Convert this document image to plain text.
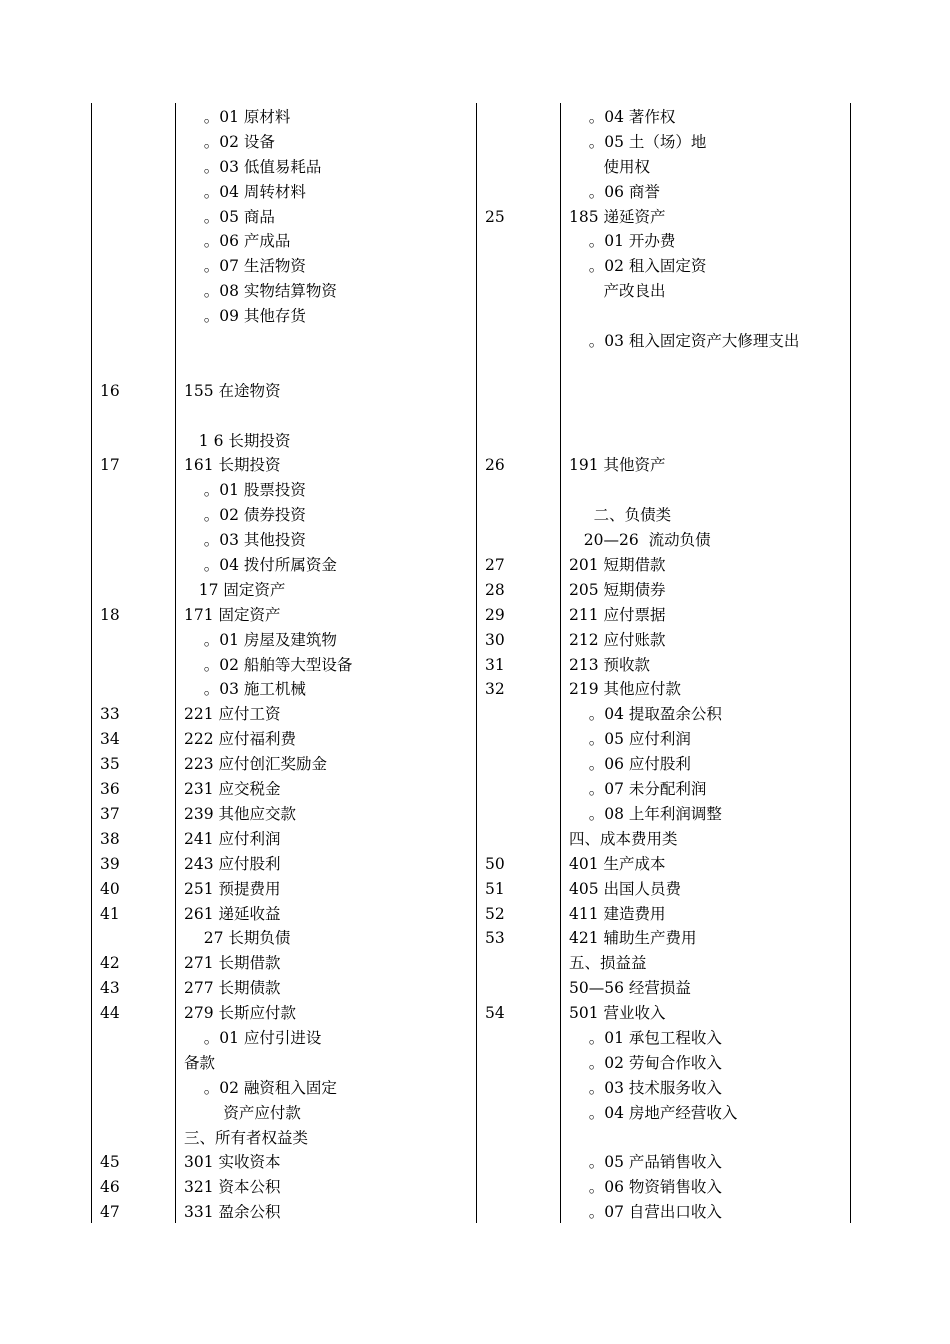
16
17
18
33
34
35
36
37
38
39
40
41
42
43
44
45
46
47
。01 原材料
。02 设备
。03 低值易耗品
。04 周转材料
。05 商品
。06 产成品
。07 生活物资
。08 实物结算物资
。09 其他存货
155 在途物资
1 6 长期投资
161 长期投资
。01 股票投资
。02 债券投资
。03 其他投资
。04 拨付所属资金
17 固定资产
171 固定资产
。01 房屋及建筑物
。02 船舶等大型设备
。03 施工机械
221 应付工资
222 应付福利费
223 应付创汇奖励金
231 应交税金
239 其他应交款
241 应付利润
243 应付股利
251 预提费用
261 递延收益
27 长期负债
271 长期借款
277 长期债款
279 长斯应付款
。01 应付引进设
备款
。02 融资租入固定
资产应付款
三、所有者权益类
301 实收资本
321 资本公积
331 盈余公积
25
26
27
28
29
30
31
32
50
51
52
53
54
。04 著作权
。05 土（场）地
使用权
。06 商誉
185 递延资产
。01 开办费
。02 租入固定资
产改良出
。03 租入固定资产大修理支出
191 其他资产
二、负债类
20—26  流动负债
201 短期借款
205 短期债券
211 应付票据
212 应付账款
213 预收款
219 其他应付款
。04 提取盈余公积
。05 应付利润
。06 应付股利
。07 未分配利润
。08 上年利润调整
四、成本费用类
401 生产成本
405 出国人员费
411 建造费用
421 辅助生产费用
五、损益益
50—56 经营损益
501 营业收入
。01 承包工程收入
。02 劳甸合作收入
。03 技术服务收入
。04 房地产经营收入
。05 产品销售收入
。06 物资销售收入
。07 自营出口收入
